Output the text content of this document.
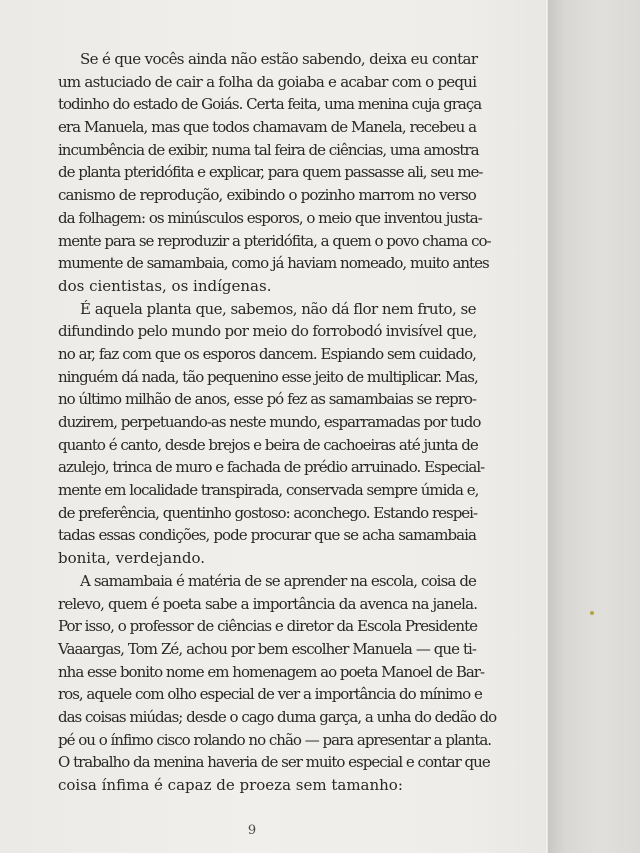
Se é que vocês ainda não estão sabendo, deixa eu contar
um astuciado de cair a folha da goiaba e acabar com o pequi
todinho do estado de Goiás. Certa feita, uma menina cuja graça
era Manuela, mas que todos chamavam de Manela, recebeu a
incumbência de exibir, numa tal feira de ciências, uma amostra
de planta pteridófita e explicar, para quem passasse ali, seu me-
canismo de reprodução, exibindo o pozinho marrom no verso
da folhagem: os minúsculos esporos, o meio que inventou justa-
mente para se reproduzir a pteridófita, a quem o povo chama co-
mumente de samambaia, como já haviam nomeado, muito antes
dos cientistas, os indígenas.
É aquela planta que, sabemos, não dá flor nem fruto, se
difundindo pelo mundo por meio do forrobodó invisível que,
no ar, faz com que os esporos dancem. Espiando sem cuidado,
ninguém dá nada, tão pequenino esse jeito de multiplicar. Mas,
no último milhão de anos, esse pó fez as samambaias se repro-
duzirem, perpetuando-as neste mundo, esparramadas por tudo
quanto é canto, desde brejos e beira de cachoeiras até junta de
azulejo, trinca de muro e fachada de prédio arruinado. Especial-
mente em localidade transpirada, conservada sempre úmida e,
de preferência, quentinho gostoso: aconchego. Estando respei-
tadas essas condições, pode procurar que se acha samambaia
bonita, verdejando.
A samambaia é matéria de se aprender na escola, coisa de
relevo, quem é poeta sabe a importância da avenca na janela.
Por isso, o professor de ciências e diretor da Escola Presidente
Vaaargas, Tom Zé, achou por bem escolher Manuela — que ti-
nha esse bonito nome em homenagem ao poeta Manoel de Bar-
ros, aquele com olho especial de ver a importância do mínimo e
das coisas miúdas; desde o cago duma garça, a unha do dedão do
pé ou o ínfimo cisco rolando no chão — para apresentar a planta.
O trabalho da menina haveria de ser muito especial e contar que
coisa ínfima é capaz de proeza sem tamanho:
9
